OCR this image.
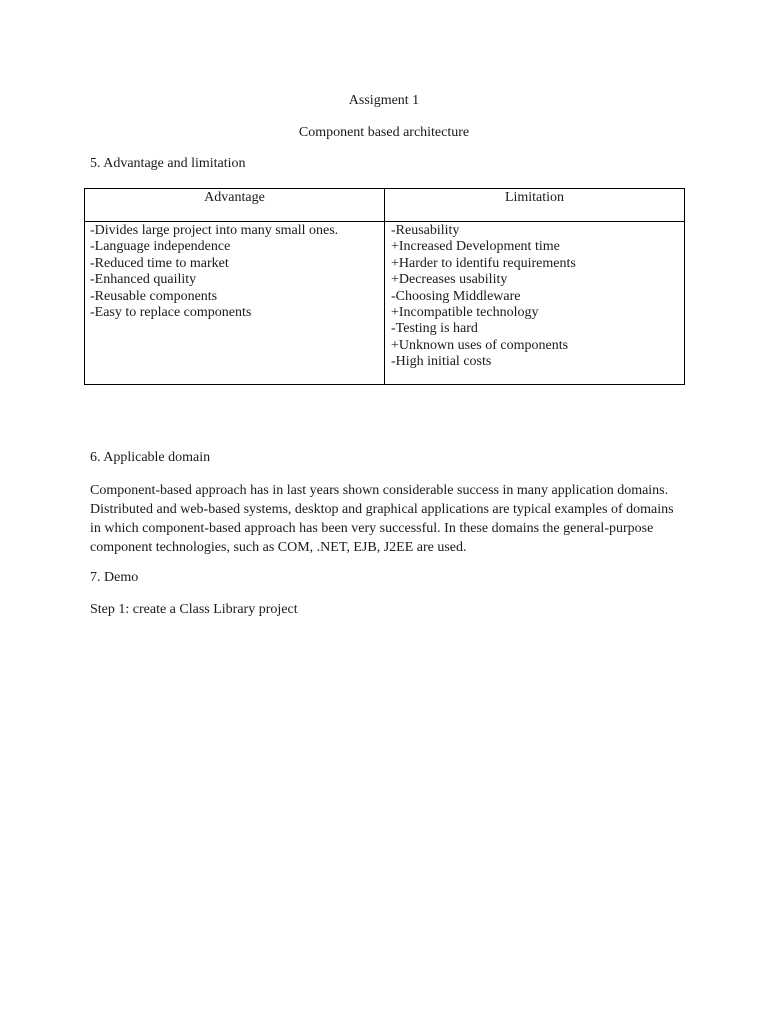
Assigment 1
Component based architecture
5. Advantage and limitation
Advantage	Limitation
-Divides large project into many small ones.
-Language independence
-Reduced time to market
-Enhanced quaility
-Reusable components
-Easy to replace components
-Reusability
+Increased Development time
+Harder to identifu requirements
+Decreases usability
-Choosing Middleware
+Incompatible technology
-Testing is hard
+Unknown uses of components
-High initial costs
6. Applicable domain

Component-based approach has in last years shown considerable success in many application domains.
Distributed and web-based systems, desktop and graphical applications are typical examples of domains
in which component-based approach has been very successful. In these domains the general-purpose
component technologies, such as COM, .NET, EJB, J2EE are used.

7. Demo
Step 1: create a Class Library project
